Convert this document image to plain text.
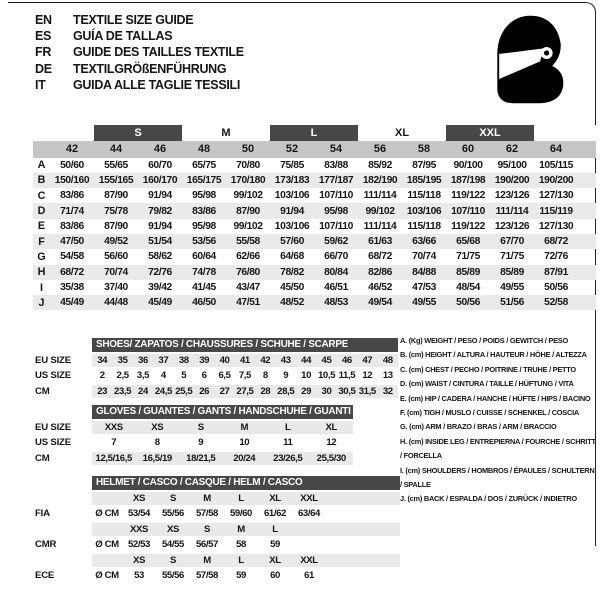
EN	TEXTILE SIZE GUIDE
ES	GUÍA DE TALLAS
FR	GUIDE DES TAILLES TEXTILE
DE	TEXTILGRÖßENFÜHRUNG
IT	GUIDA ALLE TAGLIE TESSILI
		S		M		L		XL		XXL			
	42	44	46	48	50	52	54	56	58	60	62	64	
A	50/60	55/65	60/70	65/75	70/80	75/85	83/88	85/92	87/95	90/100	95/100	105/115	
B	150/160	155/165	160/170	165/175	170/180	173/183	177/187	182/190	185/195	187/198	190/200	190/200	
C	83/86	87/90	91/94	95/98	99/102	103/106	107/110	111/114	115/118	119/122	123/126	127/130	
D	71/74	75/78	79/82	83/86	87/90	91/94	95/98	99/102	103/106	107/110	111/114	115/119	
E	83/86	87/90	91/94	95/98	99/102	103/106	107/110	111/114	115/118	119/122	123/126	127/130	
F	47/50	49/52	51/54	53/56	55/58	57/60	59/62	61/63	63/66	65/68	67/70	68/72	
G	54/58	56/60	58/62	60/64	62/66	64/68	66/70	68/72	70/74	71/75	71/75	72/76	
H	68/72	70/74	72/76	74/78	76/80	78/82	80/84	82/86	84/88	85/89	85/89	87/91	
I	35/38	37/40	39/42	41/45	43/47	45/50	46/51	46/52	47/53	48/54	49/55	50/56	
J	45/49	44/48	45/49	46/50	47/51	48/52	48/53	49/54	49/55	50/56	51/56	52/58	
	SHOES/ ZAPATOS / CHAUSSURES / SCHUHE / SCARPE														
EU SIZE	34	35	36	37	38	39	40	41	42	43	44	45	46	47	48
US SIZE	2	2,5	3,5	4	5	6	6,5	7,5	8	9	10	10,5	11,5	12	13
CM	23	23,5	24	24,5	25,5	26	27	27,5	28	28,5	29	30	30,5	31,5	32
	GLOVES / GUANTES / GANTS / HANDSCHUHE / GUANTI					
EU SIZE	XXS	XS	S	M	L	XL
US SIZE	7	8	9	10	11	12
CM	12,5/16,5	16,5/19	18/21,5	20/24	23/26,5	25,5/30
	HELMET / CASCO / CASQUE / HELM / CASCO							
		XS	S	M	L	XL	XXL	
FIA	Ø CM	53/54	55/56	57/58	59/60	61/62	63/64	
		XXS	XS	S	M	L		
CMR	Ø CM	52/53	54/55	56/57	58	59		
		XS	S	M	L	XL	XXL	
ECE	Ø CM	53	55/56	57/58	59	60	61	
A. (Kg) WEIGHT / PESO / POIDS / GEWITCH / PESO
B. (cm) HEIGHT / ALTURA / HAUTEUR / HÖHE / ALTEZZA
C. (cm) CHEST / PECHO / POITRINE / TRUHE / PETTO
D. (cm) WAIST / CINTURA / TAILLE / HÜFTUNG / VITA
E. (cm) HIP / CADERA / HANCHE / HÜFTE / HIPS / BACINO
F. (cm) TIGH / MUSLO / CUISSE / SCHENKEL / COSCIA
G. (cm) ARM / BRAZO / BRAS / ARM / BRACCIO
H. (cm) INSIDE LEG / ENTREPIERNA / FOURCHE / SCHRITT / FORCELLA
I. (cm) SHOULDERS / HOMBROS / ÉPAULES / SCHULTERN / SPALLE
J. (cm) BACK / ESPALDA / DOS / ZURÜCK / INDIETRO
